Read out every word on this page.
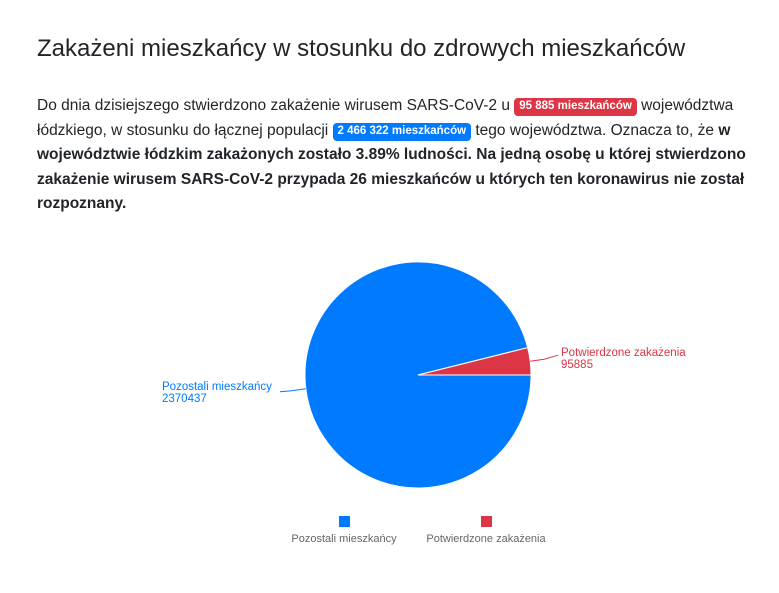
Zakażeni mieszkańcy w stosunku do zdrowych mieszkańców

Do dnia dzisiejszego stwierdzono zakażenie wirusem SARS-CoV-2 u 95 885 mieszkańców województwa łódzkiego, w stosunku do łącznej populacji 2 466 322 mieszkańców tego województwa. Oznacza to, że w województwie łódzkim zakażonych zostało 3.89% ludności. Na jedną osobę u której stwierdzono zakażenie wirusem SARS-CoV-2 przypada 26 mieszkańców u których ten koronawirus nie został rozpoznany.

Pozostali mieszkańcy
2370437
Potwierdzone zakażenia
95885
Pozostali mieszkańcy	Potwierdzone zakażenia
